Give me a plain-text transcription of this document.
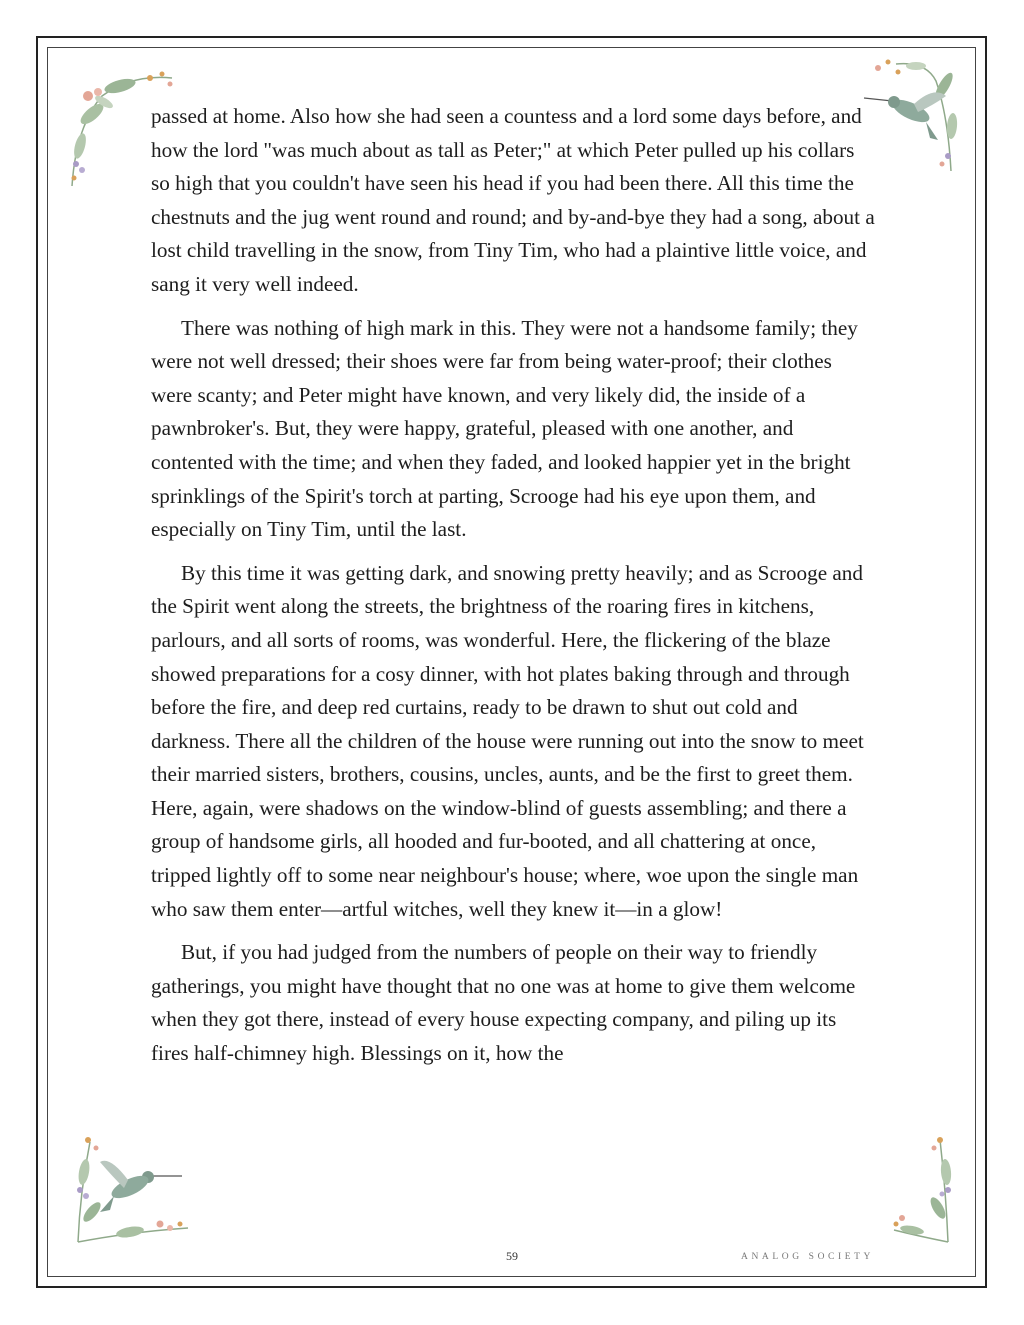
passed at home. Also how she had seen a countess and a lord some days before, and how the lord "was much about as tall as Peter;" at which Peter pulled up his collars so high that you couldn't have seen his head if you had been there. All this time the chestnuts and the jug went round and round; and by-and-bye they had a song, about a lost child travelling in the snow, from Tiny Tim, who had a plaintive little voice, and sang it very well indeed.

There was nothing of high mark in this. They were not a handsome family; they were not well dressed; their shoes were far from being water-proof; their clothes were scanty; and Peter might have known, and very likely did, the inside of a pawnbroker's. But, they were happy, grateful, pleased with one another, and contented with the time; and when they faded, and looked happier yet in the bright sprinklings of the Spirit's torch at parting, Scrooge had his eye upon them, and especially on Tiny Tim, until the last.

By this time it was getting dark, and snowing pretty heavily; and as Scrooge and the Spirit went along the streets, the brightness of the roaring fires in kitchens, parlours, and all sorts of rooms, was wonderful. Here, the flickering of the blaze showed preparations for a cosy dinner, with hot plates baking through and through before the fire, and deep red curtains, ready to be drawn to shut out cold and darkness. There all the children of the house were running out into the snow to meet their married sisters, brothers, cousins, uncles, aunts, and be the first to greet them. Here, again, were shadows on the window-blind of guests assembling; and there a group of handsome girls, all hooded and fur-booted, and all chattering at once, tripped lightly off to some near neighbour's house; where, woe upon the single man who saw them enter—artful witches, well they knew it—in a glow!

But, if you had judged from the numbers of people on their way to friendly gatherings, you might have thought that no one was at home to give them welcome when they got there, instead of every house expecting company, and piling up its fires half-chimney high. Blessings on it, how the

59	ANALOG SOCIETY
